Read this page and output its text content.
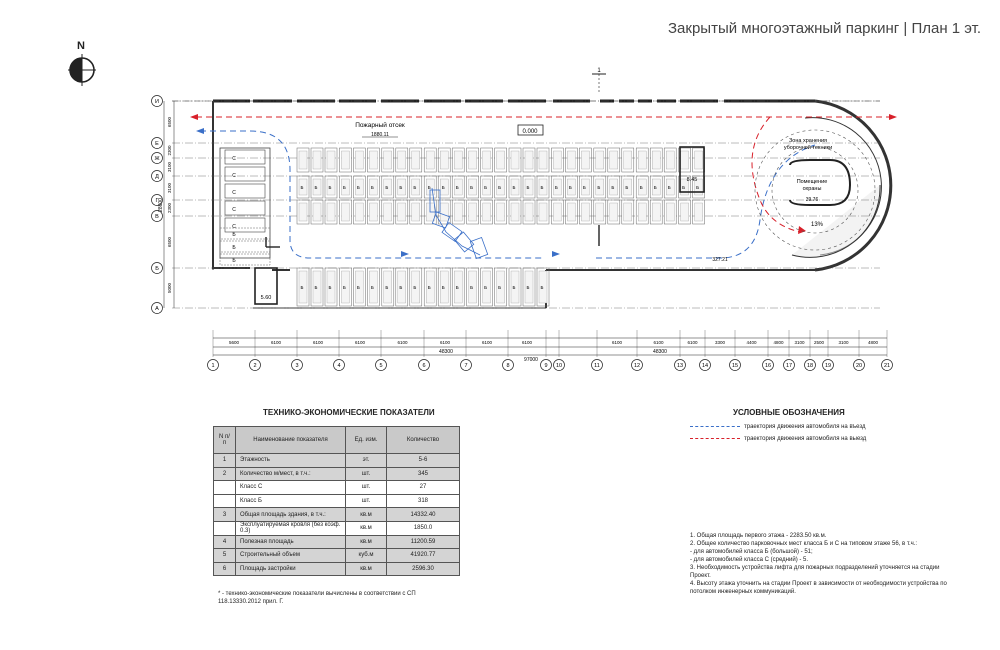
Закрытый многоэтажный паркинг | План 1 эт.
N
И
Е
Ж
Д
Г
В
Б
А
6500
2300
3100
3100
2300
6500
5000
Б Б Б	Б Б Б	Б Б Б	Б Б Б	Б Б Б	Б Б Б	Б Б Б	Б Б Б	Б Б Б	Б Б
Б Б Б	Б Б Б	Б Б Б	Б Б Б	Б Б Б	Б Б Б
C
C
C
C
C
Б
Б
Б
Пожарный отсек
1880.11	0.000
Зона хранения
уборочной техники
Помещение
охраны
39.76
8.45
5.60
13%
327.21
1
28600
48300	48300
97000
5600	6100	6100	6100	6100	6100	6100	6100	6100	6100	6100	3300	4400	4800 3100 2500	3100	4800
1	2	3	4	5	6	7	8	9 10	11	12	13	14	15	16	17	18 19	20	21
ТЕХНИКО-ЭКОНОМИЧЕСКИЕ ПОКАЗАТЕЛИ
N п/п	Наименование показателя	Ед. изм.	Количество
1	Этажность	эт.	5-6
2	Количество м/мест, в т.ч.:	шт.	345
	Класс С	шт.	27
	Класс Б	шт.	318
3	Общая площадь здания, в т.ч.:	кв.м	14332.40
	Эксплуатируемая кровля (без коэф. 0.3)	кв.м	1850.0
4	Полезная площадь	кв.м	11200.59
5	Строительный объем	куб.м	41920.77
6	Площадь застройки	кв.м	2596.30
* - технико-экономические показатели вычислены в соответствии с СП 118.13330.2012 прил. Г.
УСЛОВНЫЕ ОБОЗНАЧЕНИЯ
траектория движения автомобиля на въезд
траектория движения автомобиля на выезд
1. Общая площадь первого этажа - 2283.50 кв.м.
2. Общее количество парковочных мест класса Б и С на типовом этаже 56, в т.ч.:
- для автомобилей класса Б (большой) - 51;
- для автомобилей класса С (средний) - 5.
3. Необходимость устройства лифта для пожарных подразделений уточняется на стадии Проект.
4. Высоту этажа уточнить на стадии Проект в зависимости от необходимости устройства по потолком инженерных коммуникаций.
